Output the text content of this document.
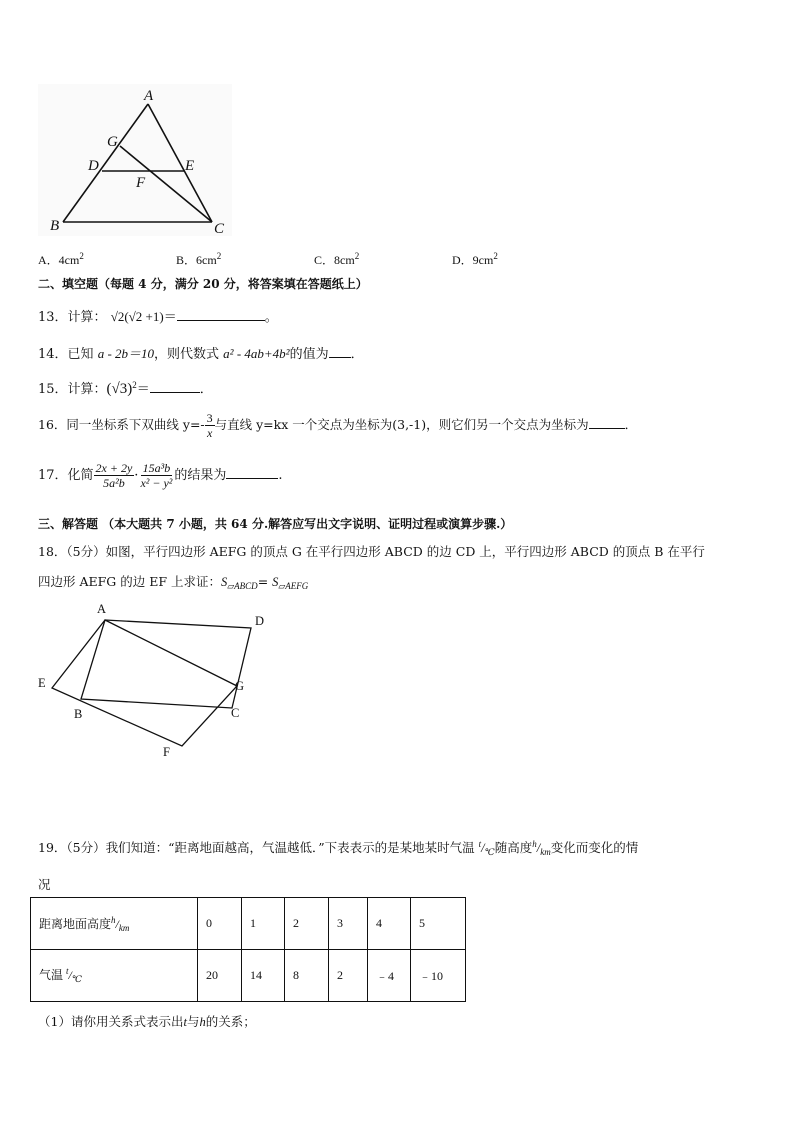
A
G
D	E
F
B	C
A．$4cm^2$	B．$6cm^2$	C．$8cm^2$	D．$9cm^2$
二、填空题（每题 4 分，满分 20 分，将答案填在答题纸上）
13．计算： √2(√2 +1)＝	。
14．已知 a - 2b＝10，则代数式 a² - 4ab+4b²的值为 ．
15．计算：$(√3)^2=$	．
16．同一坐标系下双曲线 $y=- \frac{3}{x}$ 与直线 y=kx 一个交点为坐标为(3,-1)，则它们另一个交点为坐标为	．
17．化简 $\frac{2x + 2y}{\text{5a²b}} \cdot \frac{\text{15a³b}}{\text{x² − y²}}$ 的结果为	.
三、解答题 （本大题共 7 小题，共 64 分.解答应写出文字说明、证明过程或演算步骤.）
18．（5分）如图，平行四边形 AEFG 的顶点 G 在平行四边形 ABCD 的边 CD 上，平行四边形 ABCD 的顶点 B 在平行
四边形 AEFG 的边 EF 上求证：$S_{▱ABCD}= S_{▱AEFG}$
A
D
E	G
B	C
F
19．（5分）我们知道：“距离地面越高，气温越低．”下表表示的是某地某时气温 $^t/_℃$随高度$^h/_{km}$变化而变化的情
况
距离地面高度$^h/_{km}$	0	1	2	3	4	5
气温 $^t/_℃$	20	14	8	2	﹣4	﹣10
（1）请你用关系式表示出t与h的关系；
